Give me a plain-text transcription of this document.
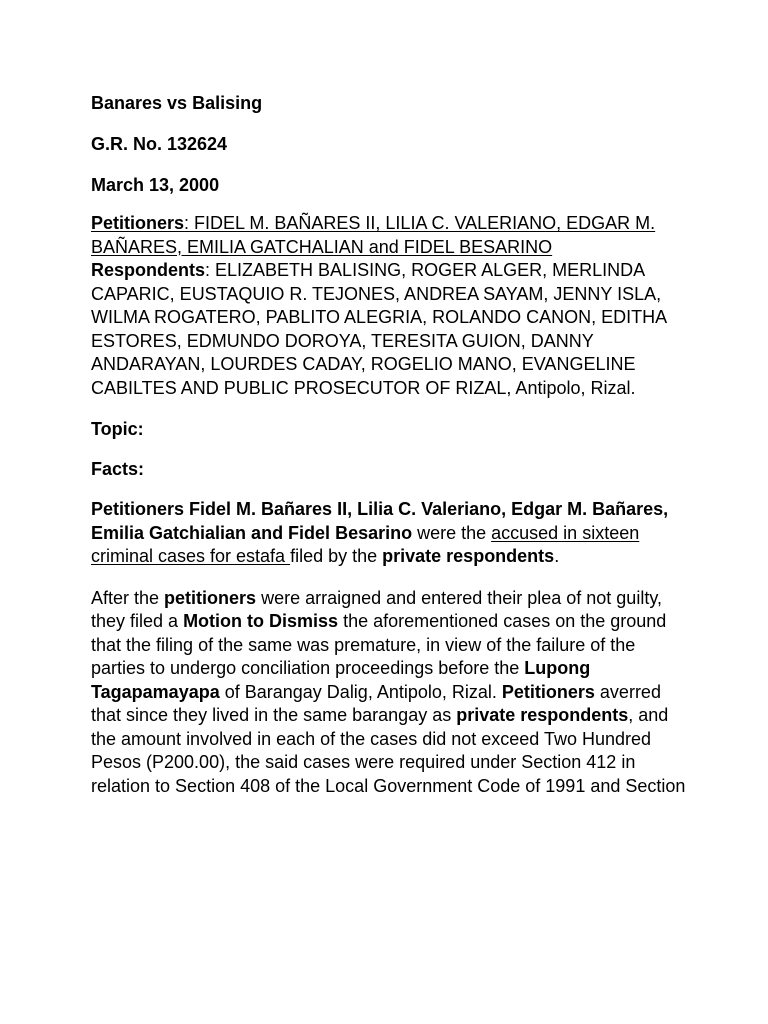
Banares vs Balising

G.R. No. 132624

March 13, 2000

Petitioners: FIDEL M. BAÑARES II, LILIA C. VALERIANO, EDGAR M. BAÑARES, EMILIA GATCHALIAN and FIDEL BESARINO
Respondents: ELIZABETH BALISING, ROGER ALGER, MERLINDA CAPARIC, EUSTAQUIO R. TEJONES, ANDREA SAYAM, JENNY ISLA, WILMA ROGATERO, PABLITO ALEGRIA, ROLANDO CANON, EDITHA ESTORES, EDMUNDO DOROYA, TERESITA GUION, DANNY ANDARAYAN, LOURDES CADAY, ROGELIO MANO, EVANGELINE CABILTES AND PUBLIC PROSECUTOR OF RIZAL, Antipolo, Rizal.

Topic:

Facts:

Petitioners Fidel M. Bañares II, Lilia C. Valeriano, Edgar M. Bañares, Emilia Gatchialian and Fidel Besarino were the accused in sixteen criminal cases for estafa filed by the private respondents.

After the petitioners were arraigned and entered their plea of not guilty, they filed a Motion to Dismiss the aforementioned cases on the ground that the filing of the same was premature, in view of the failure of the parties to undergo conciliation proceedings before the Lupong Tagapamayapa of Barangay Dalig, Antipolo, Rizal. Petitioners averred that since they lived in the same barangay as private respondents, and the amount involved in each of the cases did not exceed Two Hundred Pesos (P200.00), the said cases were required under Section 412 in relation to Section 408 of the Local Government Code of 1991 and Section
